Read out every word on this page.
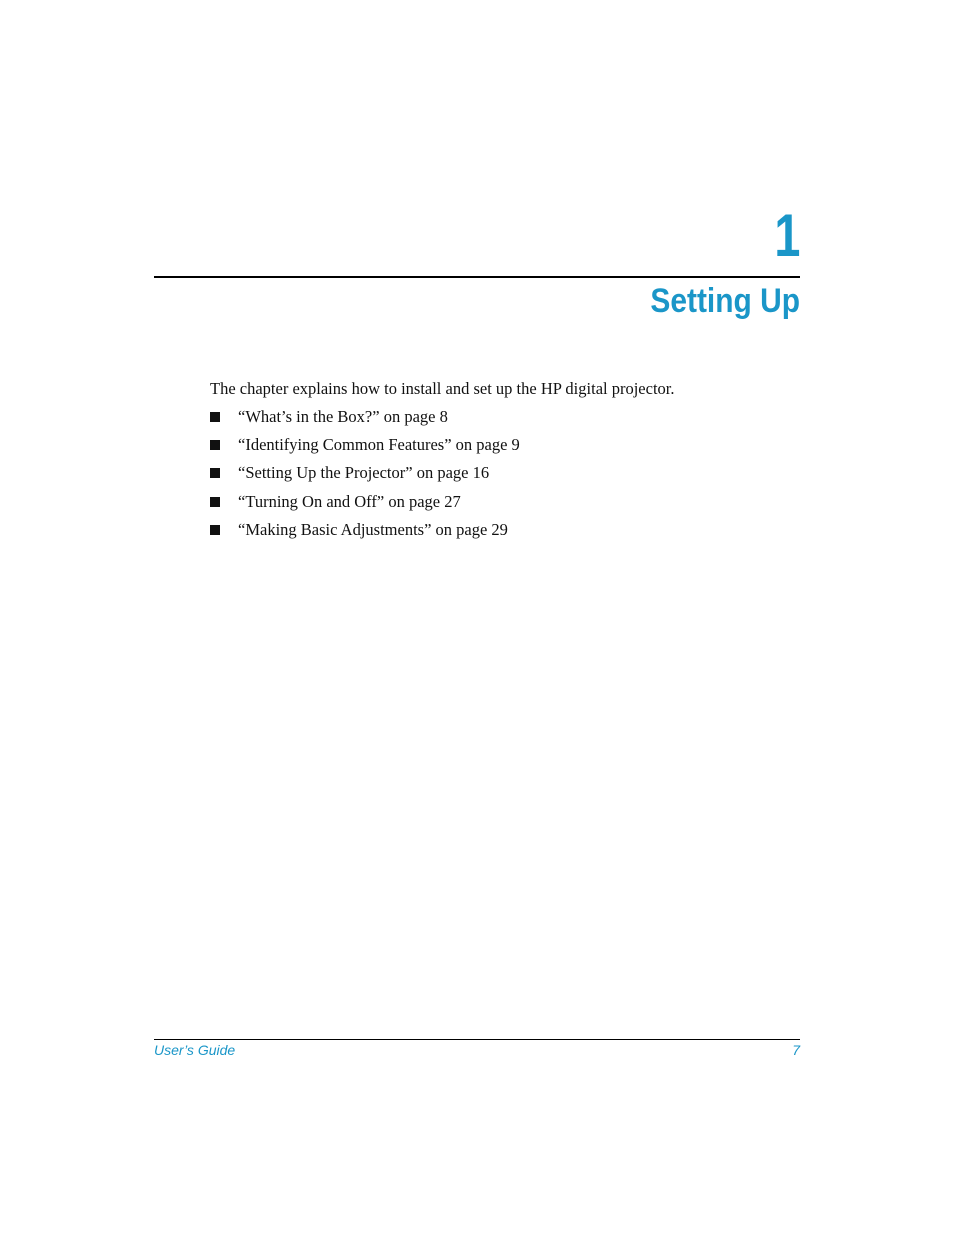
1
Setting Up

The chapter explains how to install and set up the HP digital projector.

“What’s in the Box?” on page 8
“Identifying Common Features” on page 9
“Setting Up the Projector” on page 16
“Turning On and Off” on page 27
“Making Basic Adjustments” on page 29
User’s Guide	7
